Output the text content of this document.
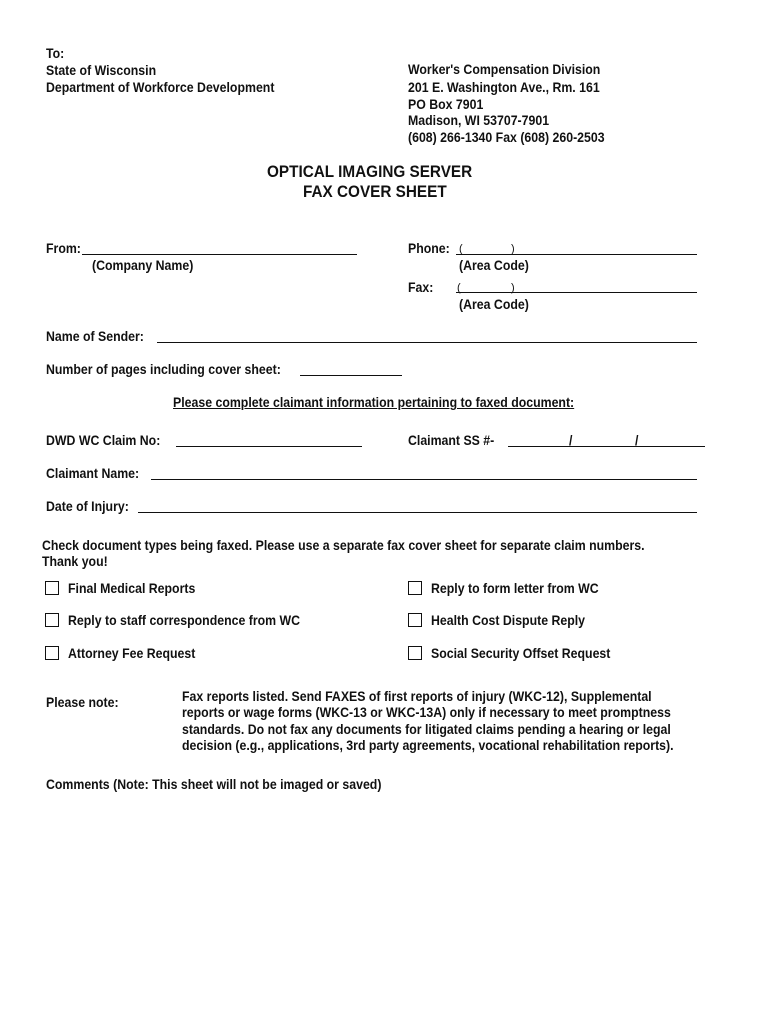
To:
State of Wisconsin
Department of Workforce Development
Worker's Compensation Division
201 E. Washington Ave., Rm. 161
PO Box 7901
Madison, WI 53707-7901
(608) 266-1340 Fax (608) 260-2503
OPTICAL IMAGING SERVER
FAX COVER SHEET
From:
(Company Name)
Phone: (	)
(Area Code)
Fax: (	)
(Area Code)
Name of Sender:
Number of pages including cover sheet:
Please complete claimant information pertaining to faxed document:
DWD WC Claim No:	Claimant SS #-	/	/
Claimant Name:
Date of Injury:
Check document types being faxed. Please use a separate fax cover sheet for separate claim numbers.
Thank you!
Final Medical Reports
Reply to staff correspondence from WC
Attorney Fee Request
Reply to form letter from WC
Health Cost Dispute Reply
Social Security Offset Request
Please note:	Fax reports listed. Send FAXES of first reports of injury (WKC-12), Supplemental
reports or wage forms (WKC-13 or WKC-13A) only if necessary to meet promptness
standards. Do not fax any documents for litigated claims pending a hearing or legal
decision (e.g., applications, 3rd party agreements, vocational rehabilitation reports).
Comments (Note: This sheet will not be imaged or saved)
